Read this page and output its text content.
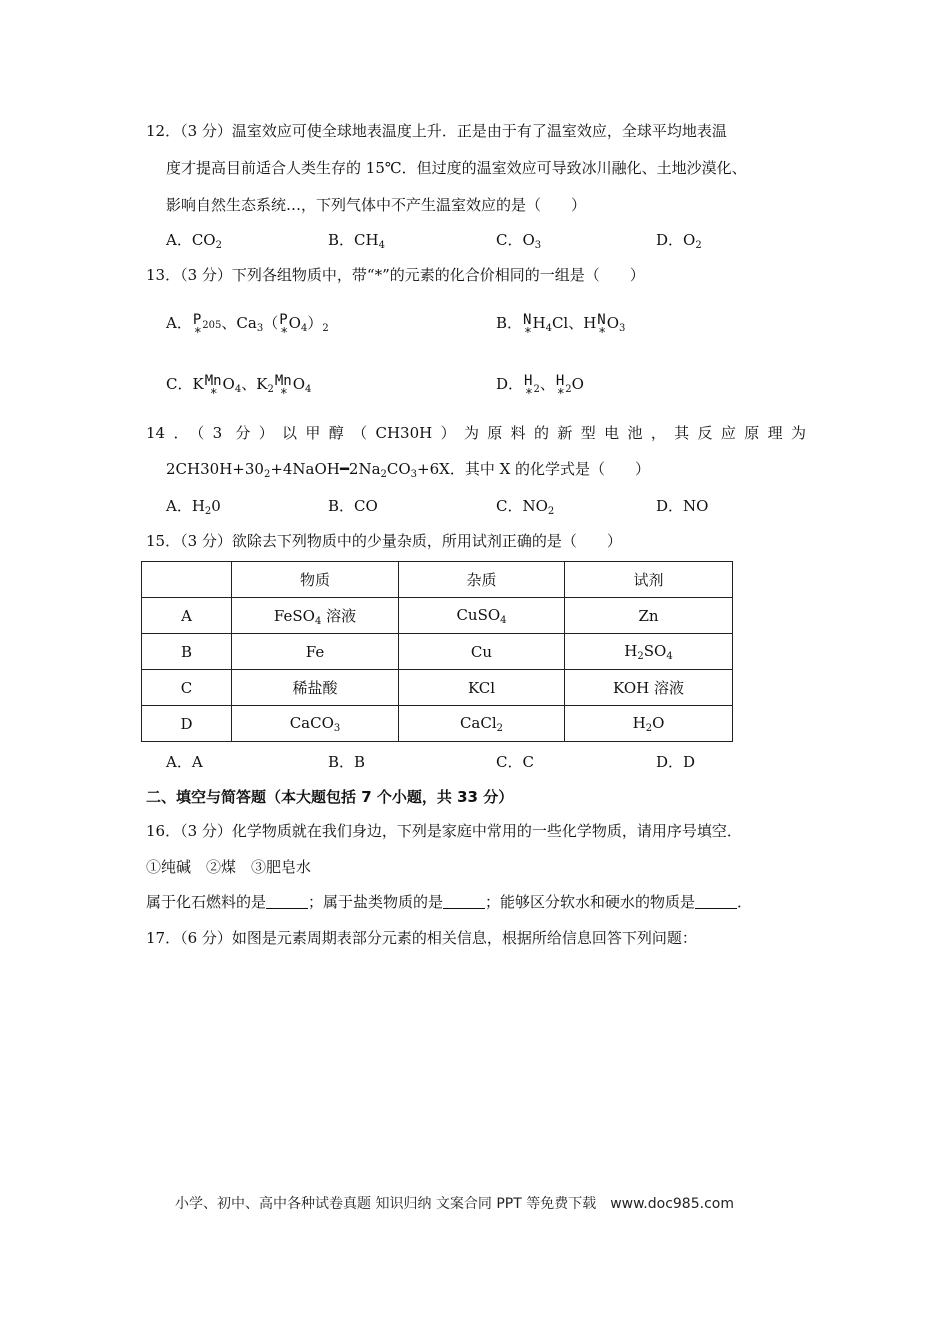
12．（3 分）温室效应可使全球地表温度上升．正是由于有了温室效应，全球平均地表温
度才提高目前适合人类生存的 15℃．但过度的温室效应可导致冰川融化、土地沙漠化、
影响自然生态系统…，下列气体中不产生温室效应的是（　　）
A．$CO_2$	B．$CH_4$	C．$O_3$	D．$O_2$
13．（3 分）下列各组物质中，带“*”的元素的化合价相同的一组是（　　）
A．P
*
205、$Ca_3(P$
*
$O_4)_2$	B．N
*
$H_4Cl$、HN
*
$O_3$
C．KMn
*
$O_4$、$K_2Mn$
*
$O_4$	D．H
* $_2$、H
* $_2$O
14．（3 分）以甲醇（CH30H）为原料的新型电池，其反应原理为
$2CH30H+30_2+4NaOH━2Na_2CO_3+6X$．其中 X 的化学式是（　　）
A．$H_20$	B．CO	C．$NO_2$	D．NO
15．（3 分）欲除去下列物质中的少量杂质，所用试剂正确的是（　　）
	物质	杂质	试剂
A	FeSO$_4$ 溶液	CuSO$_4$	Zn
B	Fe	Cu	$H_2SO_4$
C	稀盐酸	KCl	KOH 溶液
D	CaCO$_3$	CaCl$_2$	$H_2O$
A．A	B．B	C．C	D．D
二、填空与简答题（本大题包括 7 个小题，共 33 分）
16．（3 分）化学物质就在我们身边，下列是家庭中常用的一些化学物质，请用序号填空．
①纯碱　②煤　③肥皂水
属于化石燃料的是	；属于盐类物质的是	；能够区分软水和硬水的物质是	．
17．（6 分）如图是元素周期表部分元素的相关信息，根据所给信息回答下列问题：
小学、初中、高中各种试卷真题 知识归纳 文案合同 PPT 等免费下载　www.doc985.com
